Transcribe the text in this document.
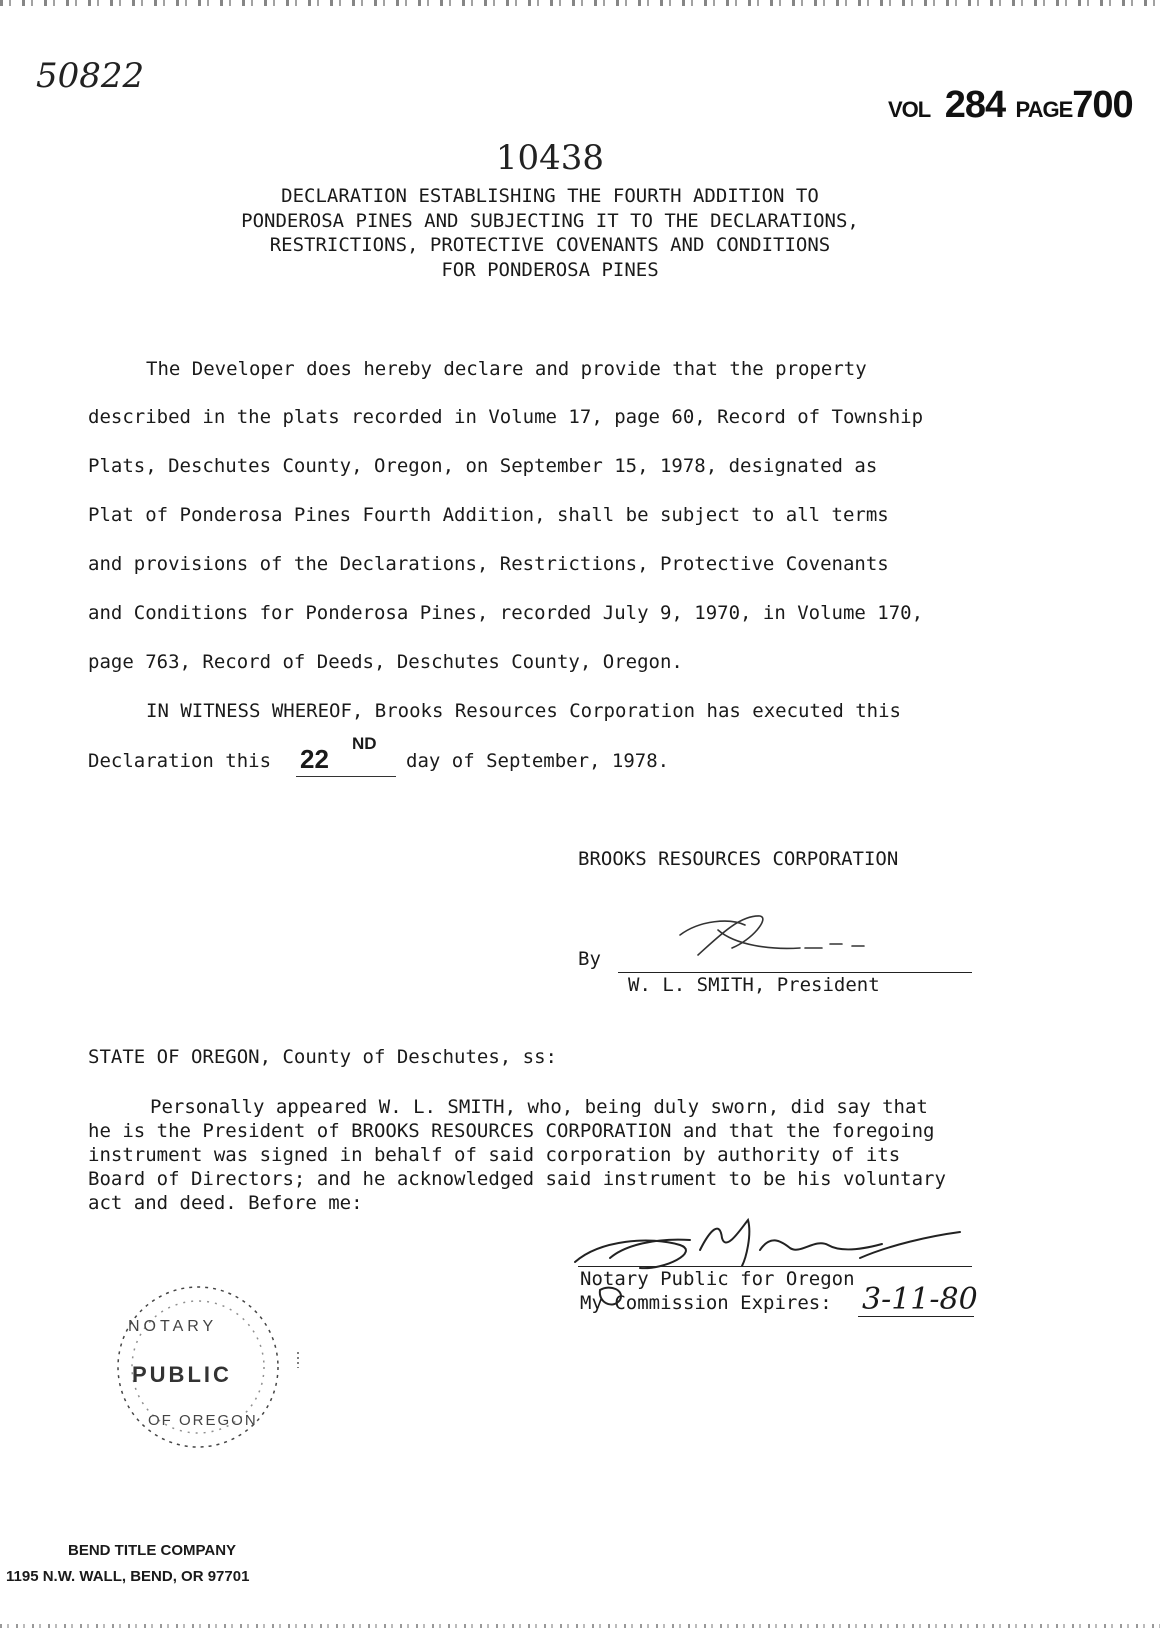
50822
VOL 284 PAGE700
10438
DECLARATION ESTABLISHING THE FOURTH ADDITION TO
PONDEROSA PINES AND SUBJECTING IT TO THE DECLARATIONS,
RESTRICTIONS, PROTECTIVE COVENANTS AND CONDITIONS
FOR PONDEROSA PINES
The Developer does hereby declare and provide that the property
described in the plats recorded in Volume 17, page 60, Record of Township
Plats, Deschutes County, Oregon, on September 15, 1978, designated as
Plat of Ponderosa Pines Fourth Addition, shall be subject to all terms
and provisions of the Declarations, Restrictions, Protective Covenants
and Conditions for Ponderosa Pines, recorded July 9, 1970, in Volume 170,
page 763, Record of Deeds, Deschutes County, Oregon.
IN WITNESS WHEREOF, Brooks Resources Corporation has executed this
Declaration this 22
ND
day of September, 1978.
BROOKS RESOURCES CORPORATION
By
W. L. SMITH, President
STATE OF OREGON, County of Deschutes, ss:
Personally appeared W. L. SMITH, who, being duly sworn, did say that
he is the President of BROOKS RESOURCES CORPORATION and that the foregoing
instrument was signed in behalf of said corporation by authority of its
Board of Directors; and he acknowledged said instrument to be his voluntary
act and deed. Before me:
Notary Public for Oregon
My Commission Expires: 3-11-80
NOTARY
PUBLIC
OF OREGON
BEND TITLE COMPANY
1195 N.W. WALL, BEND, OR 97701
